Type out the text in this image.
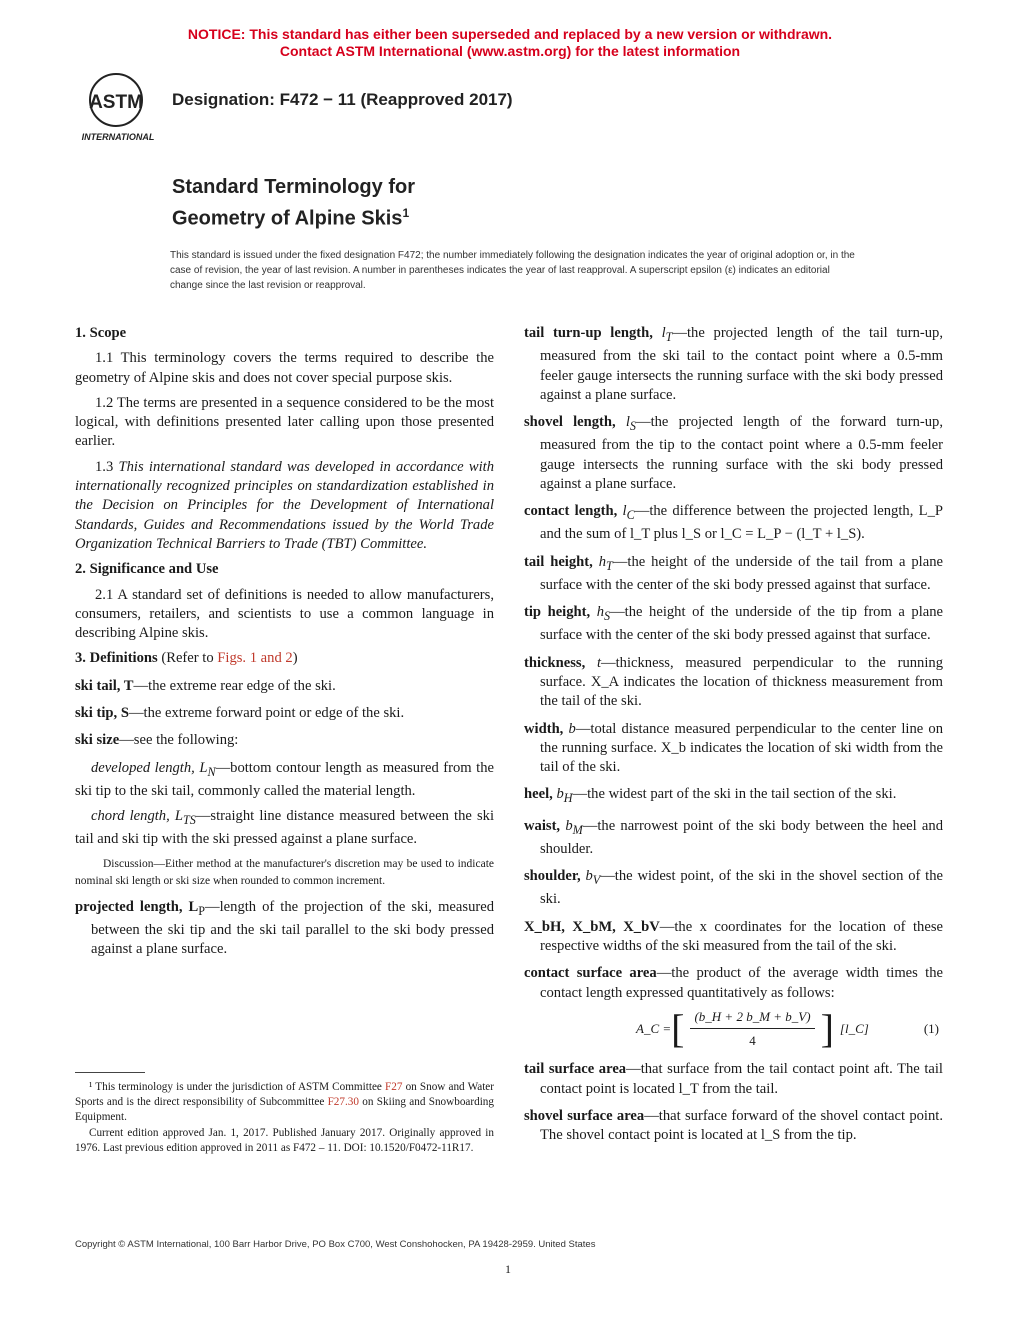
NOTICE: This standard has either been superseded and replaced by a new version or withdrawn.
Contact ASTM International (www.astm.org) for the latest information
ASTM
INTERNATIONAL
Designation: F472 − 11 (Reapproved 2017)
Standard Terminology for
Geometry of Alpine Skis$^1$
This standard is issued under the fixed designation F472; the number immediately following the designation indicates the year of original adoption or, in the case of revision, the year of last revision. A number in parentheses indicates the year of last reapproval. A superscript epsilon (ε) indicates an editorial change since the last revision or reapproval.

1. Scope

1.1 This terminology covers the terms required to describe the geometry of Alpine skis and does not cover special purpose skis.

1.2 The terms are presented in a sequence considered to be the most logical, with definitions presented later calling upon those presented earlier.

1.3 This international standard was developed in accordance with internationally recognized principles on standardization established in the Decision on Principles for the Development of International Standards, Guides and Recommendations issued by the World Trade Organization Technical Barriers to Trade (TBT) Committee.

2. Significance and Use

2.1 A standard set of definitions is needed to allow manufacturers, consumers, retailers, and scientists to use a common language in describing Alpine skis.

3. Definitions (Refer to Figs. 1 and 2)

ski tail, T—the extreme rear edge of the ski.

ski tip, S—the extreme forward point or edge of the ski.

ski size—see the following:

developed length, $L_N—bottom$ contour length as measured from the ski tip to the ski tail, commonly called the material length.

chord length, $L_{TS}—straight$ line distance measured between the ski tail and ski tip with the ski pressed against a plane surface.

Discussion—Either method at the manufacturer's discretion may be used to indicate nominal ski length or ski size when rounded to common increment.

projected length, $L_P—length$ of the projection of the ski, measured between the ski tip and the ski tail parallel to the ski body pressed against a plane surface.

tail turn-up length, $l_T—the$ projected length of the tail turn-up, measured from the ski tail to the contact point where a 0.5-mm feeler gauge intersects the running surface with the ski body pressed against a plane surface.

shovel length, $l_S—the$ projected length of the forward turn-up, measured from the tip to the contact point where a 0.5-mm feeler gauge intersects the running surface with the ski body pressed against a plane surface.

contact length, $l_C—the$ difference between the projected length, L_P and the sum of l_T plus l_S or l_C = L_P − (l_T + l_S).

tail height, $h_T—the$ height of the underside of the tail from a plane surface with the center of the ski body pressed against that surface.

tip height, $h_S—the$ height of the underside of the tip from a plane surface with the center of the ski body pressed against that surface.

thickness, t—thickness, measured perpendicular to the running surface. X_A indicates the location of thickness measurement from the tail of the ski.

width, b—total distance measured perpendicular to the center line on the running surface. X_b indicates the location of ski width from the tail of the ski.

heel, $b_H—the$ widest part of the ski in the tail section of the ski.

waist, $b_M—the$ narrowest point of the ski body between the heel and shoulder.

shoulder, $b_V—the$ widest point, of the ski in the shovel section of the ski.

X_bH, X_bM, X_bV—the x coordinates for the location of these respective widths of the ski measured from the tail of the ski.

contact surface area—the product of the average width times the contact length expressed quantitatively as follows:

A_C = [ $\frac{(b\_H + 2 b\_M + b\_V)}{4}$ ] [l_C]	(1)

tail surface area—that surface from the tail contact point aft. The tail contact point is located l_T from the tail.

shovel surface area—that surface forward of the shovel contact point. The shovel contact point is located at l_S from the tip.

¹ This terminology is under the jurisdiction of ASTM Committee F27 on Snow and Water Sports and is the direct responsibility of Subcommittee F27.30 on Skiing and Snowboarding Equipment.

Current edition approved Jan. 1, 2017. Published January 2017. Originally approved in 1976. Last previous edition approved in 2011 as F472 – 11. DOI: 10.1520/F0472-11R17.

Copyright © ASTM International, 100 Barr Harbor Drive, PO Box C700, West Conshohocken, PA 19428-2959. United States
1
